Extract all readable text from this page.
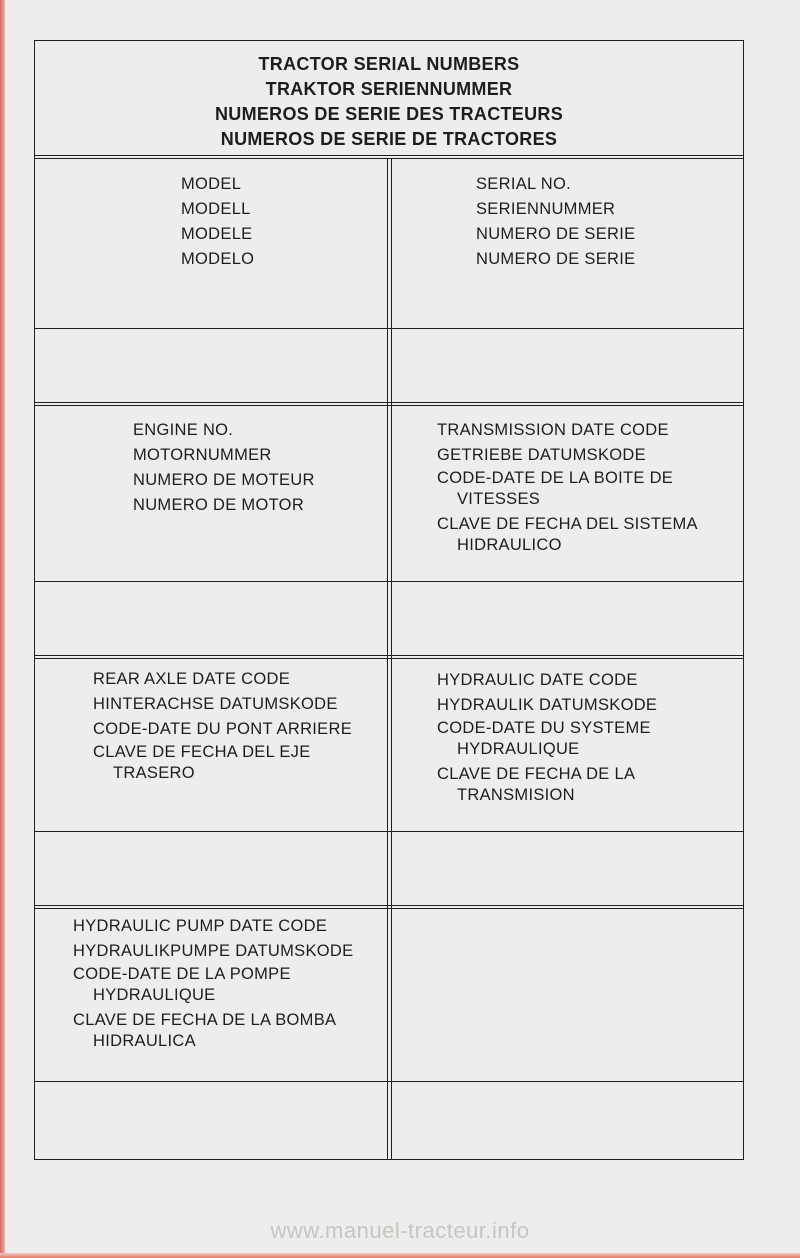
TRACTOR SERIAL NUMBERS
TRAKTOR SERIENNUMMER
NUMEROS DE SERIE DES TRACTEURS
NUMEROS DE SERIE DE TRACTORES
MODEL
MODELL
MODELE
MODELO
SERIAL NO.
SERIENNUMMER
NUMERO DE SERIE
NUMERO DE SERIE
ENGINE NO.
MOTORNUMMER
NUMERO DE MOTEUR
NUMERO DE MOTOR
TRANSMISSION DATE CODE
GETRIEBE DATUMSKODE
CODE-DATE DE LA BOITE DE
VITESSES
CLAVE DE FECHA DEL SISTEMA
HIDRAULICO
REAR AXLE DATE CODE
HINTERACHSE DATUMSKODE
CODE-DATE DU PONT ARRIERE
CLAVE DE FECHA DEL EJE
TRASERO
HYDRAULIC DATE CODE
HYDRAULIK DATUMSKODE
CODE-DATE DU SYSTEME
HYDRAULIQUE
CLAVE DE FECHA DE LA
TRANSMISION
HYDRAULIC PUMP DATE CODE
HYDRAULIKPUMPE DATUMSKODE
CODE-DATE DE LA POMPE
HYDRAULIQUE
CLAVE DE FECHA DE LA BOMBA
HIDRAULICA
www.manuel-tracteur.info
